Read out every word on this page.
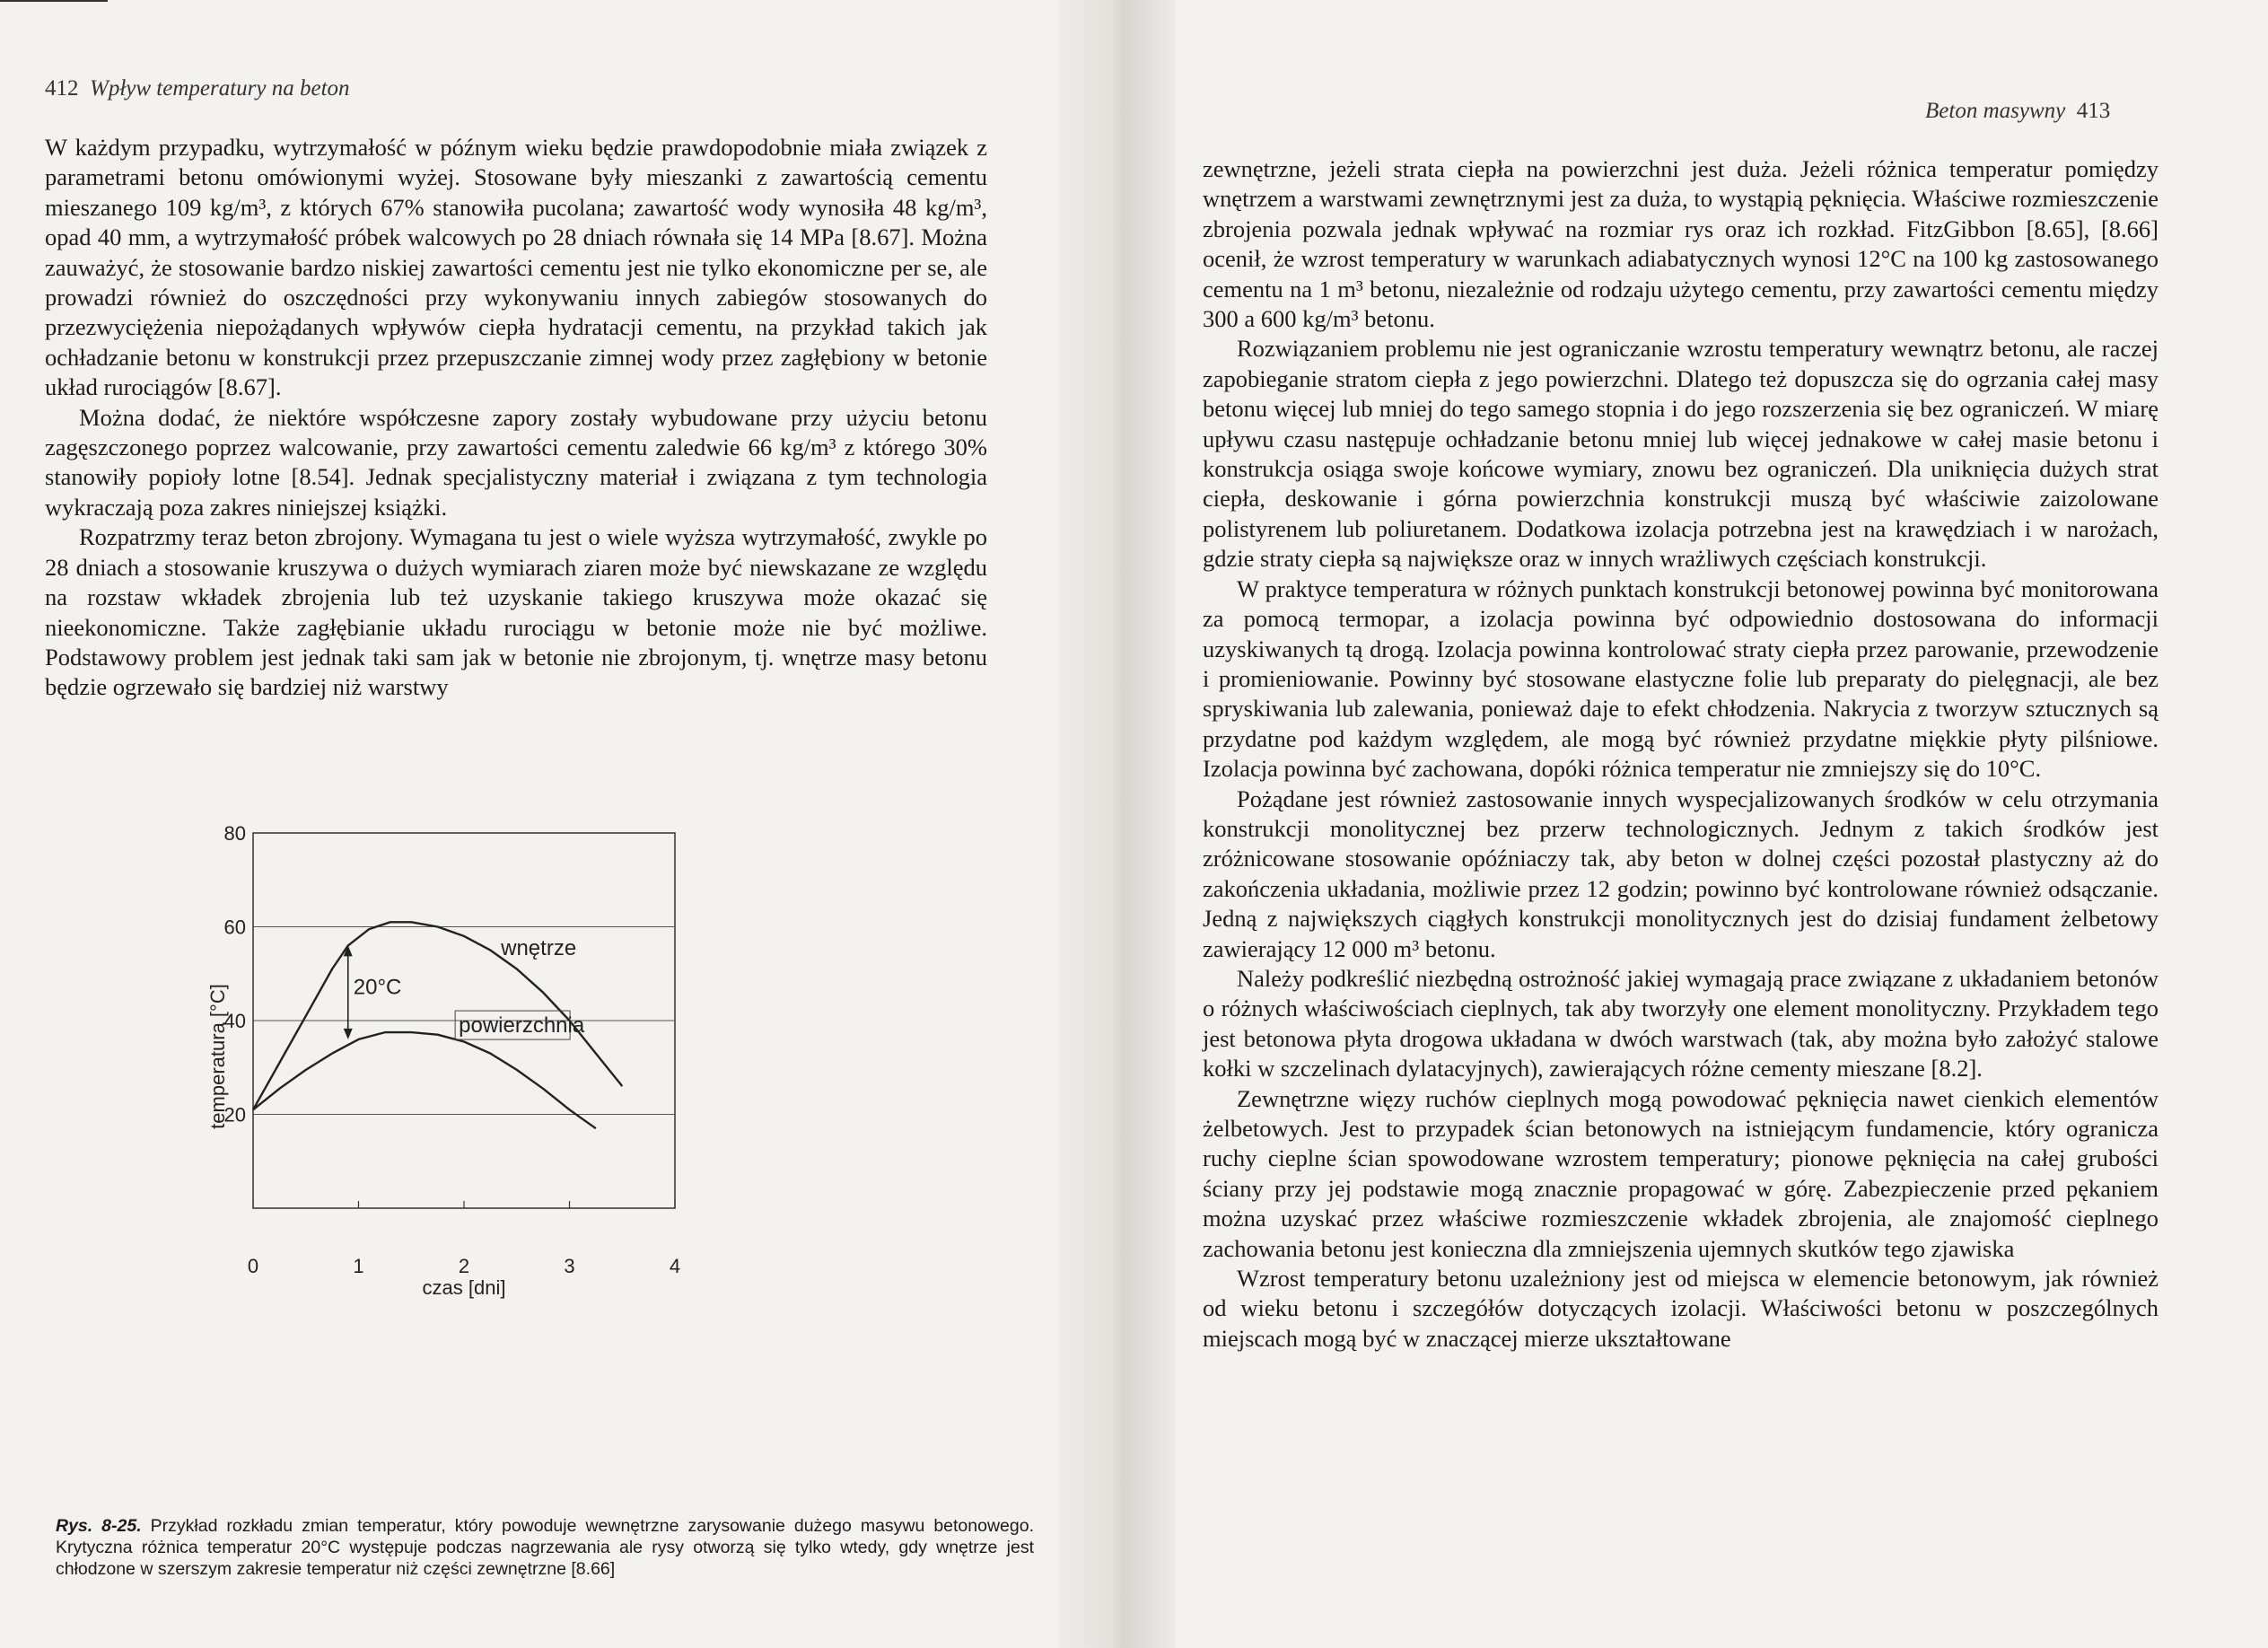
412 Wpływ temperatury na beton

W każdym przypadku, wytrzymałość w późnym wieku będzie prawdopodobnie miała związek z parametrami betonu omówionymi wyżej. Stosowane były mieszanki z zawartością cementu mieszanego 109 kg/m³, z których 67% stanowiła pucolana; zawartość wody wynosiła 48 kg/m³, opad 40 mm, a wytrzymałość próbek walcowych po 28 dniach równała się 14 MPa [8.67]. Można zauważyć, że stosowanie bardzo niskiej zawartości cementu jest nie tylko ekonomiczne per se, ale prowadzi również do oszczędności przy wykonywaniu innych zabiegów stosowanych do przezwyciężenia niepożądanych wpływów ciepła hydratacji cementu, na przykład takich jak ochładzanie betonu w konstrukcji przez przepuszczanie zimnej wody przez zagłębiony w betonie układ rurociągów [8.67].

Można dodać, że niektóre współczesne zapory zostały wybudowane przy użyciu betonu zagęszczonego poprzez walcowanie, przy zawartości cementu zaledwie 66 kg/m³ z którego 30% stanowiły popioły lotne [8.54]. Jednak specjalistyczny materiał i związana z tym technologia wykraczają poza zakres niniejszej książki.

Rozpatrzmy teraz beton zbrojony. Wymagana tu jest o wiele wyższa wytrzymałość, zwykle po 28 dniach a stosowanie kruszywa o dużych wymiarach ziaren może być niewskazane ze względu na rozstaw wkładek zbrojenia lub też uzyskanie takiego kruszywa może okazać się nieekonomiczne. Także zagłębianie układu rurociągu w betonie może nie być możliwe. Podstawowy problem jest jednak taki sam jak w betonie nie zbrojonym, tj. wnętrze masy betonu będzie ogrzewało się bardziej niż warstwy

20
40
60
80
0	1	2	3	4
czas [dni]
temperatura [°C]
wnętrze
powierzchnia
20°C
Rys. 8-25. Przykład rozkładu zmian temperatur, który powoduje wewnętrzne zarysowanie dużego masywu betonowego. Krytyczna różnica temperatur 20°C występuje podczas nagrzewania ale rysy otworzą się tylko wtedy, gdy wnętrze jest chłodzone w szerszym zakresie temperatur niż części zewnętrzne [8.66]
Beton masywny 413

zewnętrzne, jeżeli strata ciepła na powierzchni jest duża. Jeżeli różnica temperatur pomiędzy wnętrzem a warstwami zewnętrznymi jest za duża, to wystąpią pęknięcia. Właściwe rozmieszczenie zbrojenia pozwala jednak wpływać na rozmiar rys oraz ich rozkład. FitzGibbon [8.65], [8.66] ocenił, że wzrost temperatury w warunkach adiabatycznych wynosi 12°C na 100 kg zastosowanego cementu na 1 m³ betonu, niezależnie od rodzaju użytego cementu, przy zawartości cementu między 300 a 600 kg/m³ betonu.

Rozwiązaniem problemu nie jest ograniczanie wzrostu temperatury wewnątrz betonu, ale raczej zapobieganie stratom ciepła z jego powierzchni. Dlatego też dopuszcza się do ogrzania całej masy betonu więcej lub mniej do tego samego stopnia i do jego rozszerzenia się bez ograniczeń. W miarę upływu czasu następuje ochładzanie betonu mniej lub więcej jednakowe w całej masie betonu i konstrukcja osiąga swoje końcowe wymiary, znowu bez ograniczeń. Dla uniknięcia dużych strat ciepła, deskowanie i górna powierzchnia konstrukcji muszą być właściwie zaizolowane polistyrenem lub poliuretanem. Dodatkowa izolacja potrzebna jest na krawędziach i w narożach, gdzie straty ciepła są największe oraz w innych wrażliwych częściach konstrukcji.

W praktyce temperatura w różnych punktach konstrukcji betonowej powinna być monitorowana za pomocą termopar, a izolacja powinna być odpowiednio dostosowana do informacji uzyskiwanych tą drogą. Izolacja powinna kontrolować straty ciepła przez parowanie, przewodzenie i promieniowanie. Powinny być stosowane elastyczne folie lub preparaty do pielęgnacji, ale bez spryskiwania lub zalewania, ponieważ daje to efekt chłodzenia. Nakrycia z tworzyw sztucznych są przydatne pod każdym względem, ale mogą być również przydatne miękkie płyty pilśniowe. Izolacja powinna być zachowana, dopóki różnica temperatur nie zmniejszy się do 10°C.

Pożądane jest również zastosowanie innych wyspecjalizowanych środków w celu otrzymania konstrukcji monolitycznej bez przerw technologicznych. Jednym z takich środków jest zróżnicowane stosowanie opóźniaczy tak, aby beton w dolnej części pozostał plastyczny aż do zakończenia układania, możliwie przez 12 godzin; powinno być kontrolowane również odsączanie. Jedną z największych ciągłych konstrukcji monolitycznych jest do dzisiaj fundament żelbetowy zawierający 12 000 m³ betonu.

Należy podkreślić niezbędną ostrożność jakiej wymagają prace związane z układaniem betonów o różnych właściwościach cieplnych, tak aby tworzyły one element monolityczny. Przykładem tego jest betonowa płyta drogowa układana w dwóch warstwach (tak, aby można było założyć stalowe kołki w szczelinach dylatacyjnych), zawierających różne cementy mieszane [8.2].

Zewnętrzne więzy ruchów cieplnych mogą powodować pęknięcia nawet cienkich elementów żelbetowych. Jest to przypadek ścian betonowych na istniejącym fundamencie, który ogranicza ruchy cieplne ścian spowodowane wzrostem temperatury; pionowe pęknięcia na całej grubości ściany przy jej podstawie mogą znacznie propagować w górę. Zabezpieczenie przed pękaniem można uzyskać przez właściwe rozmieszczenie wkładek zbrojenia, ale znajomość cieplnego zachowania betonu jest konieczna dla zmniejszenia ujemnych skutków tego zjawiska

Wzrost temperatury betonu uzależniony jest od miejsca w elemencie betonowym, jak również od wieku betonu i szczegółów dotyczących izolacji. Właściwości betonu w poszczególnych miejscach mogą być w znaczącej mierze ukształtowane
